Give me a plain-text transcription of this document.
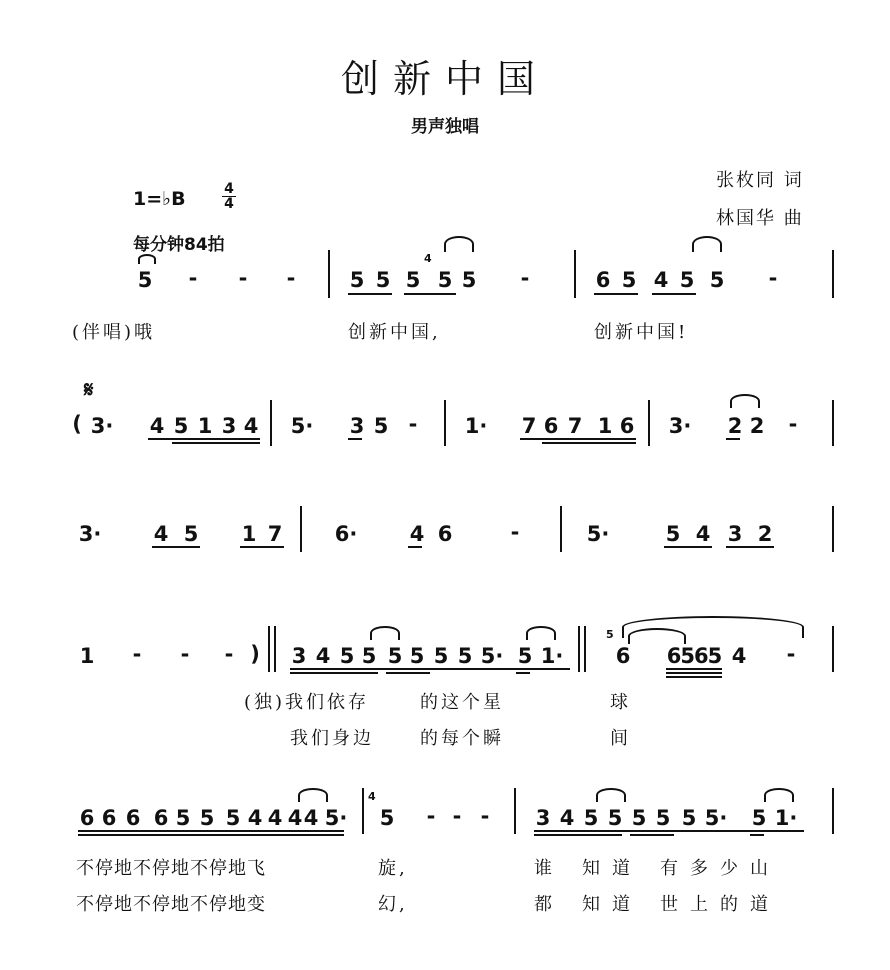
创新中国
男声独唱
张枚同 词
林国华 曲
1=♭B	4
4
每分钟84拍
5 - - -	5 5 5
4
5 5 -	6 5 4 5 5 -
(伴唱)哦	创新中国,	创新中国!
𝄋
( 3· 4 5 1 3 4 5· 3 5 - 1· 7 6 7 1 6 3· 2 2 -
3· 4 5 1 7 6· 4 6	-	5·	5 4 3 2
1 - - - ) 3 4 5 5 5 5 5 5 5· 5 1·
5
6 6565 4 -
(独)我们依存	的这个星	球
我们身边	的每个瞬	间
6 6 6 6 5 5 5 4 4 4 4 5·
4
5 - - - 3 4 5 5 5 5 5 5· 5 1·
不停地不停地不停地飞	旋,	谁 知道 有多少山
不停地不停地不停地变	幻,	都 知道 世上的道
